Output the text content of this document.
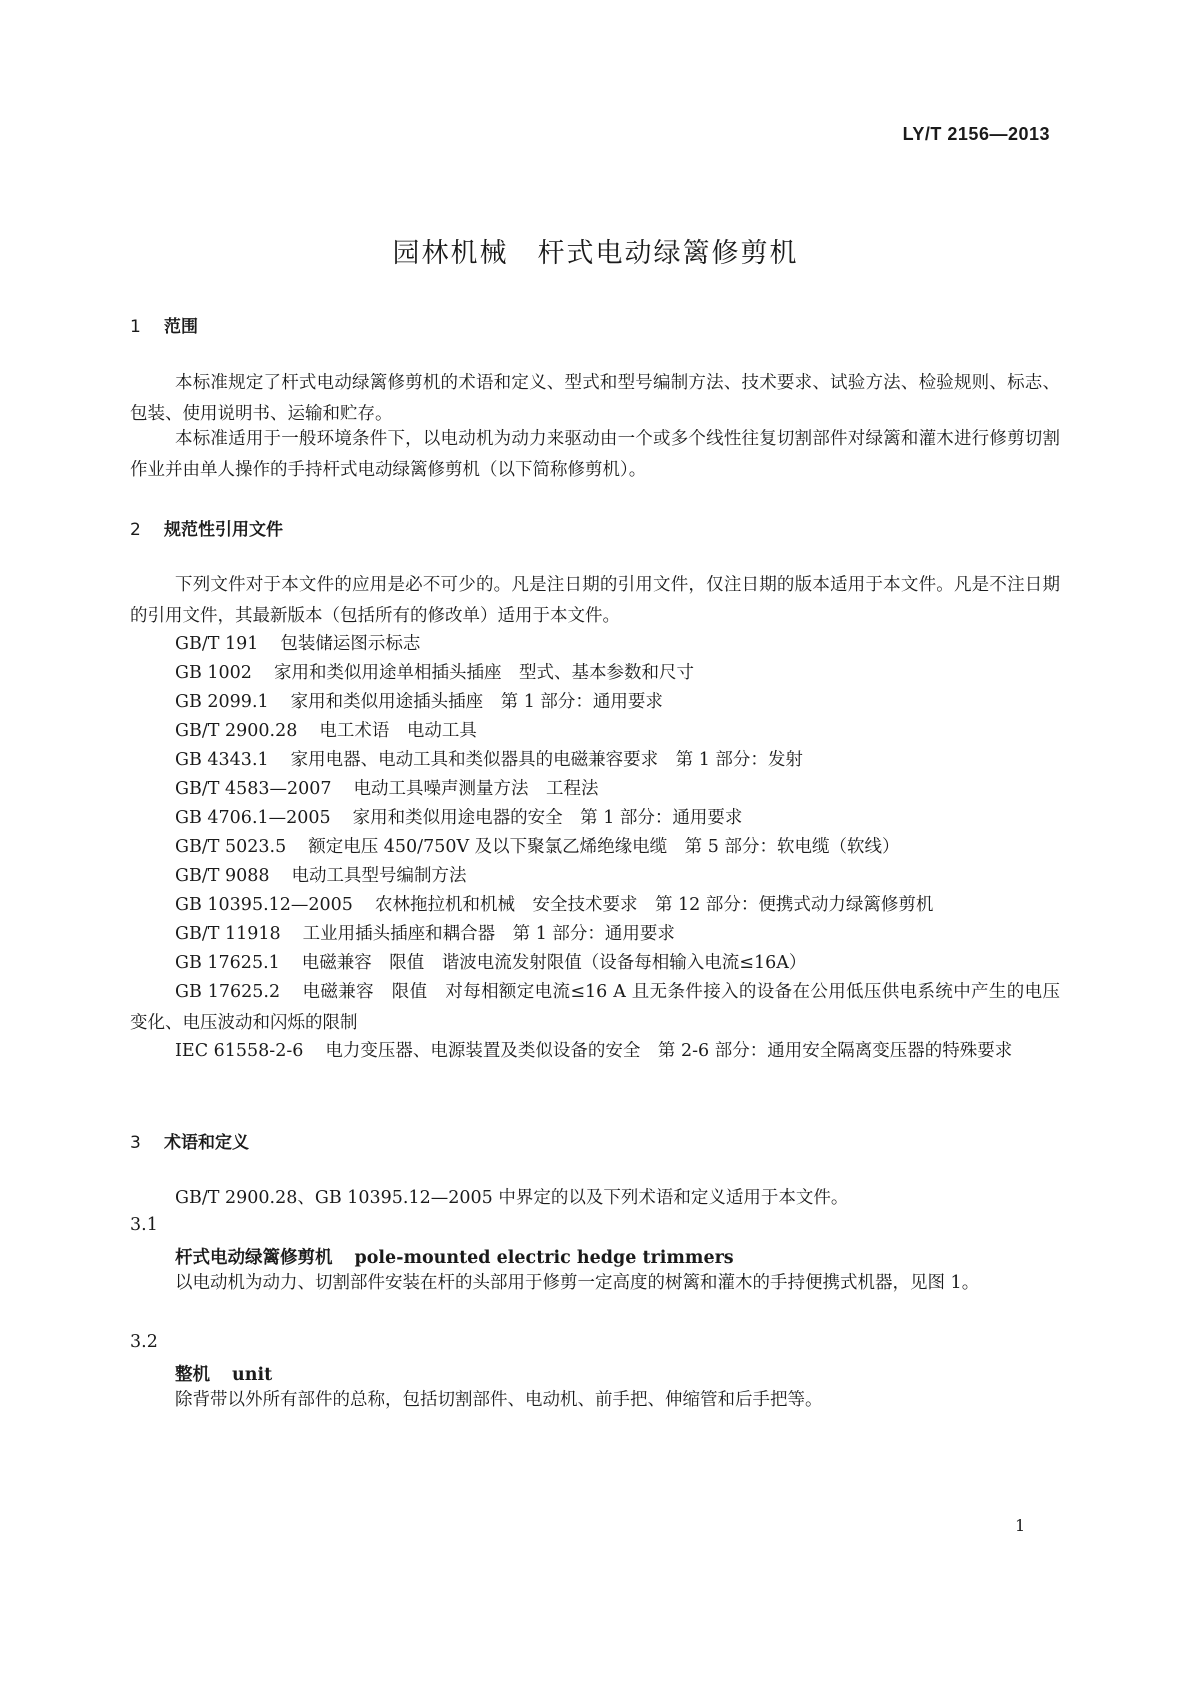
LY/T 2156—2013
园林机械　杆式电动绿篱修剪机
1 范围
本标准规定了杆式电动绿篱修剪机的术语和定义、型式和型号编制方法、技术要求、试验方法、检验规则、标志、包装、使用说明书、运输和贮存。
本标准适用于一般环境条件下，以电动机为动力来驱动由一个或多个线性往复切割部件对绿篱和灌木进行修剪切割作业并由单人操作的手持杆式电动绿篱修剪机（以下简称修剪机）。
2 规范性引用文件
下列文件对于本文件的应用是必不可少的。凡是注日期的引用文件，仅注日期的版本适用于本文件。凡是不注日期的引用文件，其最新版本（包括所有的修改单）适用于本文件。
GB/T 191 包装储运图示标志
GB 1002 家用和类似用途单相插头插座　型式、基本参数和尺寸
GB 2099.1 家用和类似用途插头插座　第 1 部分：通用要求
GB/T 2900.28 电工术语　电动工具
GB 4343.1 家用电器、电动工具和类似器具的电磁兼容要求　第 1 部分：发射
GB/T 4583—2007 电动工具噪声测量方法　工程法
GB 4706.1—2005 家用和类似用途电器的安全　第 1 部分：通用要求
GB/T 5023.5 额定电压 450/750V 及以下聚氯乙烯绝缘电缆　第 5 部分：软电缆（软线）
GB/T 9088 电动工具型号编制方法
GB 10395.12—2005 农林拖拉机和机械　安全技术要求　第 12 部分：便携式动力绿篱修剪机
GB/T 11918 工业用插头插座和耦合器　第 1 部分：通用要求
GB 17625.1 电磁兼容　限值　谐波电流发射限值（设备每相输入电流≤16A）
GB 17625.2 电磁兼容　限值　对每相额定电流≤16 A 且无条件接入的设备在公用低压供电系统中产生的电压变化、电压波动和闪烁的限制
IEC 61558-2-6 电力变压器、电源装置及类似设备的安全　第 2-6 部分：通用安全隔离变压器的特殊要求
3 术语和定义
GB/T 2900.28、GB 10395.12—2005 中界定的以及下列术语和定义适用于本文件。
3.1
杆式电动绿篱修剪机 pole-mounted electric hedge trimmers
以电动机为动力、切割部件安装在杆的头部用于修剪一定高度的树篱和灌木的手持便携式机器，见图 1。
3.2
整机 unit
除背带以外所有部件的总称，包括切割部件、电动机、前手把、伸缩管和后手把等。
1
